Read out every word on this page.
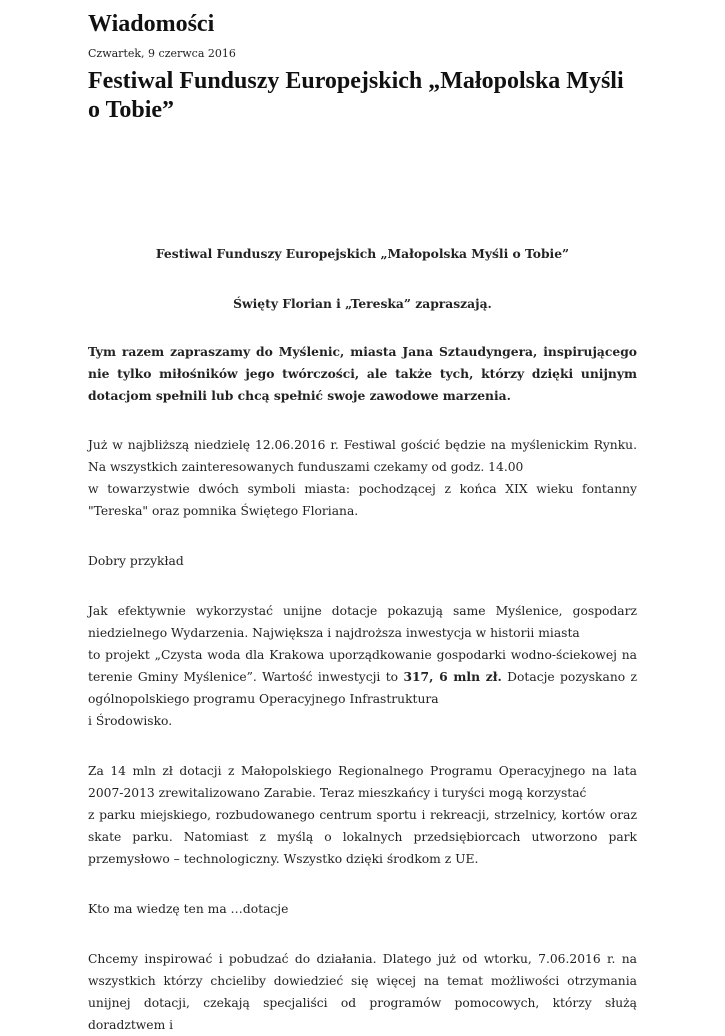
Wiadomości
Czwartek, 9 czerwca 2016
Festiwal Funduszy Europejskich „Małopolska Myśli o Tobie”

Festiwal Funduszy Europejskich „Małopolska Myśli o Tobie”

Święty Florian i „Tereska” zapraszają.

Tym razem zapraszamy do Myślenic, miasta Jana Sztaudyngera, inspirującego nie tylko miłośników jego twórczości, ale także tych, którzy dzięki unijnym dotacjom spełnili lub chcą spełnić swoje zawodowe marzenia.

Już w najbliższą niedzielę 12.06.2016 r. Festiwal gościć będzie na myślenickim Rynku. Na wszystkich zainteresowanych funduszami czekamy od godz. 14.00
w towarzystwie dwóch symboli miasta: pochodzącej z końca XIX wieku fontanny "Tereska" oraz pomnika Świętego Floriana.

Dobry przykład

Jak efektywnie wykorzystać unijne dotacje pokazują same Myślenice, gospodarz niedzielnego Wydarzenia. Największa i najdroższa inwestycja w historii miasta
to projekt „Czysta woda dla Krakowa uporządkowanie gospodarki wodno-ściekowej na terenie Gminy Myślenice”. Wartość inwestycji to 317, 6 mln zł. Dotacje pozyskano z ogólnopolskiego programu Operacyjnego Infrastruktura
i Środowisko.

Za 14 mln zł dotacji z Małopolskiego Regionalnego Programu Operacyjnego na lata 2007-2013 zrewitalizowano Zarabie. Teraz mieszkańcy i turyści mogą korzystać
z parku miejskiego, rozbudowanego centrum sportu i rekreacji, strzelnicy, kortów oraz skate parku. Natomiast z myślą o lokalnych przedsiębiorcach utworzono park przemysłowo – technologiczny. Wszystko dzięki środkom z UE.

Kto ma wiedzę ten ma …dotacje

Chcemy inspirować i pobudzać do działania. Dlatego już od wtorku, 7.06.2016 r. na wszystkich którzy chcieliby dowiedzieć się więcej na temat możliwości otrzymania unijnej dotacji, czekają specjaliści od programów pomocowych, którzy służą doradztwem i
